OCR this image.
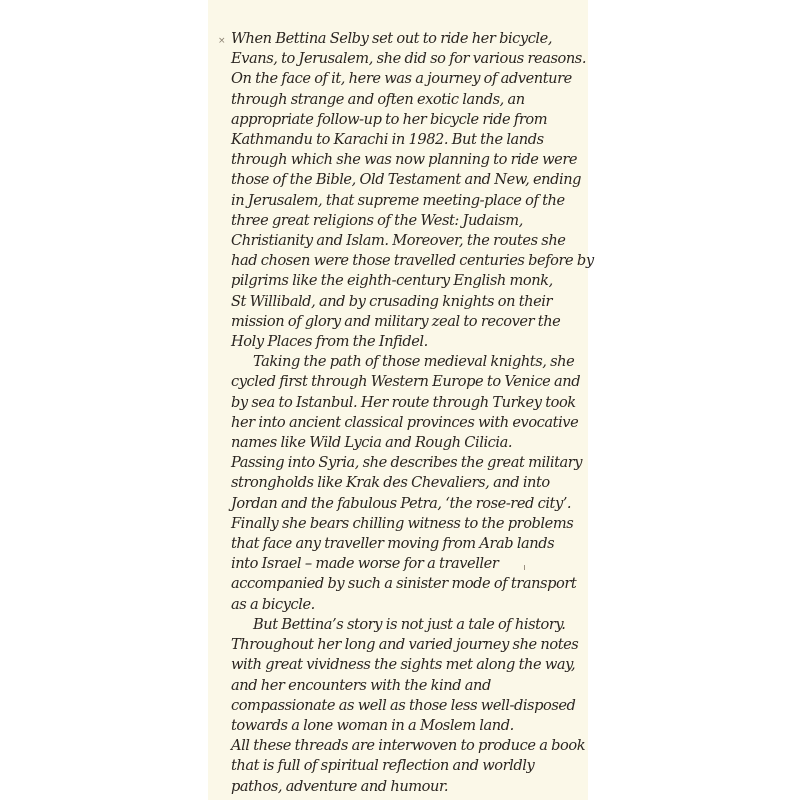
× When Bettina Selby set out to ride her bicycle,
Evans, to Jerusalem, she did so for various reasons.
On the face of it, here was a journey of adventure
through strange and often exotic lands, an
appropriate follow-up to her bicycle ride from
Kathmandu to Karachi in 1982. But the lands
through which she was now planning to ride were
those of the Bible, Old Testament and New, ending
in Jerusalem, that supreme meeting-place of the
three great religions of the West: Judaism,
Christianity and Islam. Moreover, the routes she
had chosen were those travelled centuries before by
pilgrims like the eighth-century English monk,
St Willibald, and by crusading knights on their
mission of glory and military zeal to recover the
Holy Places from the Infidel.
Taking the path of those medieval knights, she
cycled first through Western Europe to Venice and
by sea to Istanbul. Her route through Turkey took
her into ancient classical provinces with evocative
names like Wild Lycia and Rough Cilicia.
Passing into Syria, she describes the great military
strongholds like Krak des Chevaliers, and into
Jordan and the fabulous Petra, ‘the rose-red city’.
Finally she bears chilling witness to the problems
that face any traveller moving from Arab lands
into Israel – made worse for a traveller
accompanied by such a sinister mode of transport
as a bicycle.
But Bettina’s story is not just a tale of history.
Throughout her long and varied journey she notes
with great vividness the sights met along the way,
and her encounters with the kind and
compassionate as well as those less well-disposed
towards a lone woman in a Moslem land.
All these threads are interwoven to produce a book
that is full of spiritual reflection and worldly
pathos, adventure and humour.
